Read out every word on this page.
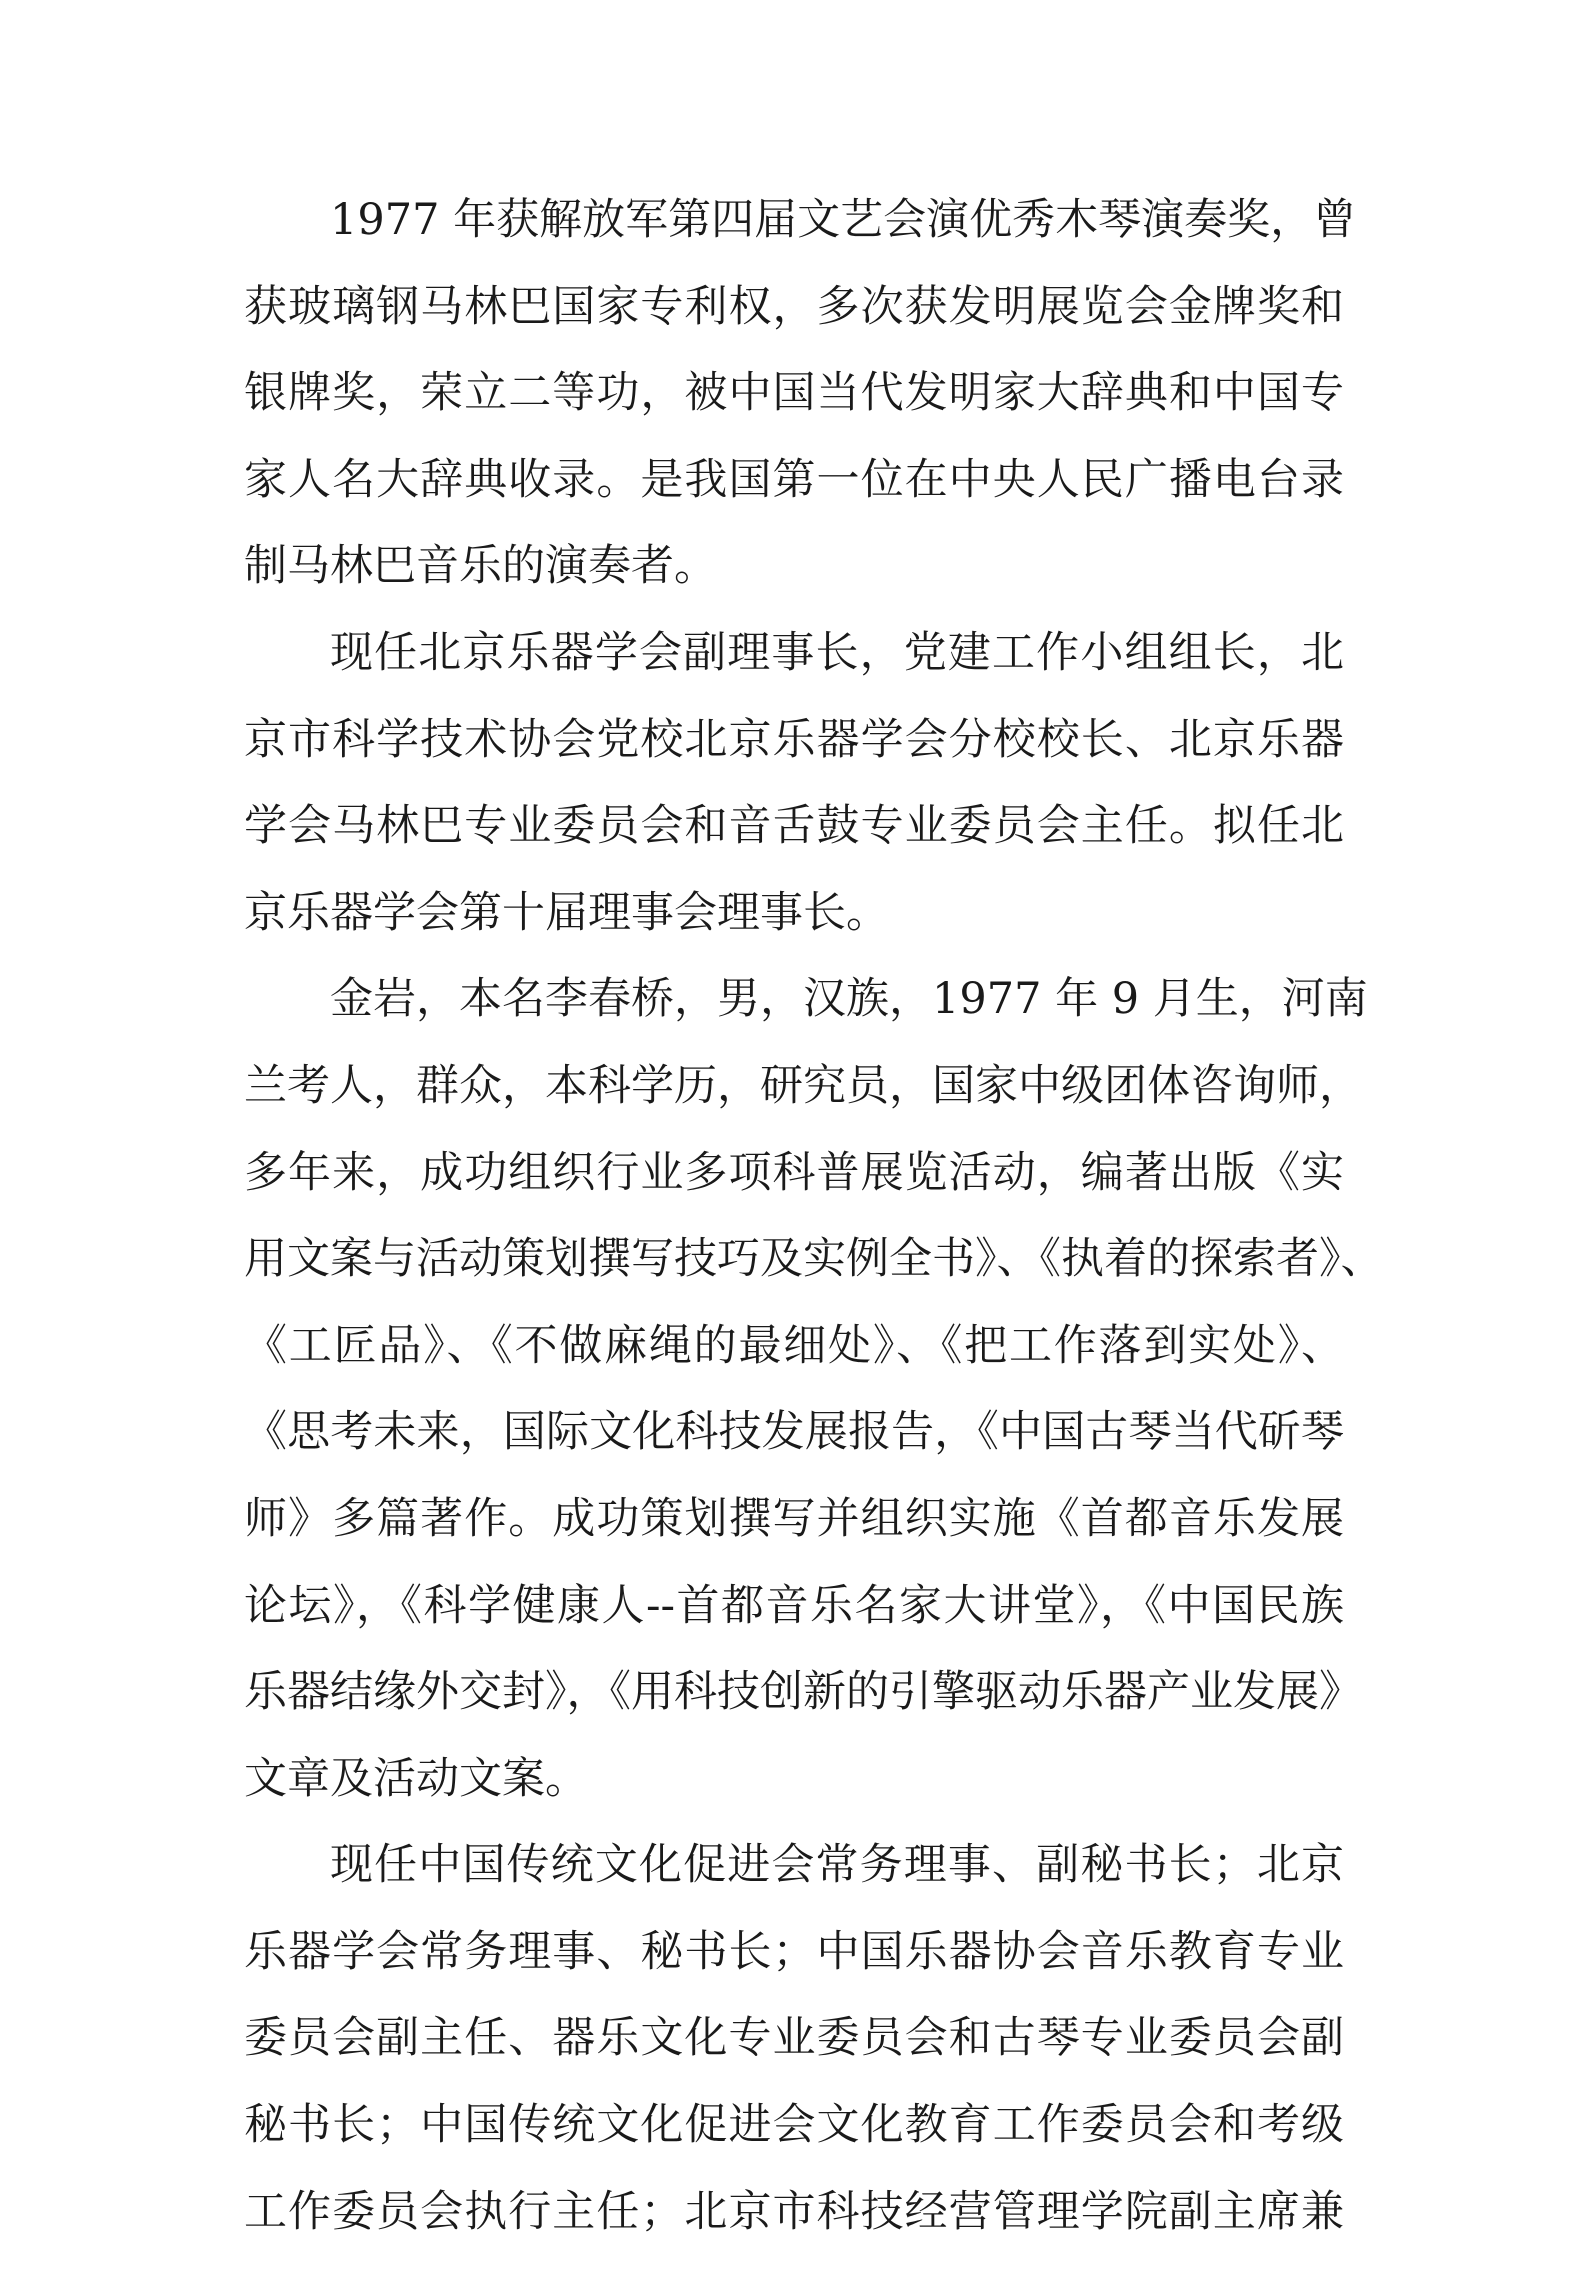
1977 年获解放军第四届文艺会演优秀木琴演奏奖，曾
获玻璃钢马林巴国家专利权，多次获发明展览会金牌奖和
银牌奖，荣立二等功，被中国当代发明家大辞典和中国专
家人名大辞典收录。是我国第一位在中央人民广播电台录
制马林巴音乐的演奏者。
现任北京乐器学会副理事长，党建工作小组组长，北
京市科学技术协会党校北京乐器学会分校校长、北京乐器
学会马林巴专业委员会和音舌鼓专业委员会主任。拟任北
京乐器学会第十届理事会理事长。
金岩，本名李春桥，男，汉族，1977 年 9 月生，河南
兰考人，群众，本科学历，研究员，国家中级团体咨询师，
多年来，成功组织行业多项科普展览活动，编著出版《实
用文案与活动策划撰写技巧及实例全书》、《执着的探索者》、
《工匠品》、《不做麻绳的最细处》、《把工作落到实处》、
《思考未来，国际文化科技发展报告，《中国古琴当代斫琴
师》多篇著作。成功策划撰写并组织实施《首都音乐发展
论坛》，《科学健康人--首都音乐名家大讲堂》，《中国民族
乐器结缘外交封》，《用科技创新的引擎驱动乐器产业发展》
文章及活动文案。
现任中国传统文化促进会常务理事、副秘书长；北京
乐器学会常务理事、秘书长；中国乐器协会音乐教育专业
委员会副主任、器乐文化专业委员会和古琴专业委员会副
秘书长；中国传统文化促进会文化教育工作委员会和考级
工作委员会执行主任；北京市科技经营管理学院副主席兼
